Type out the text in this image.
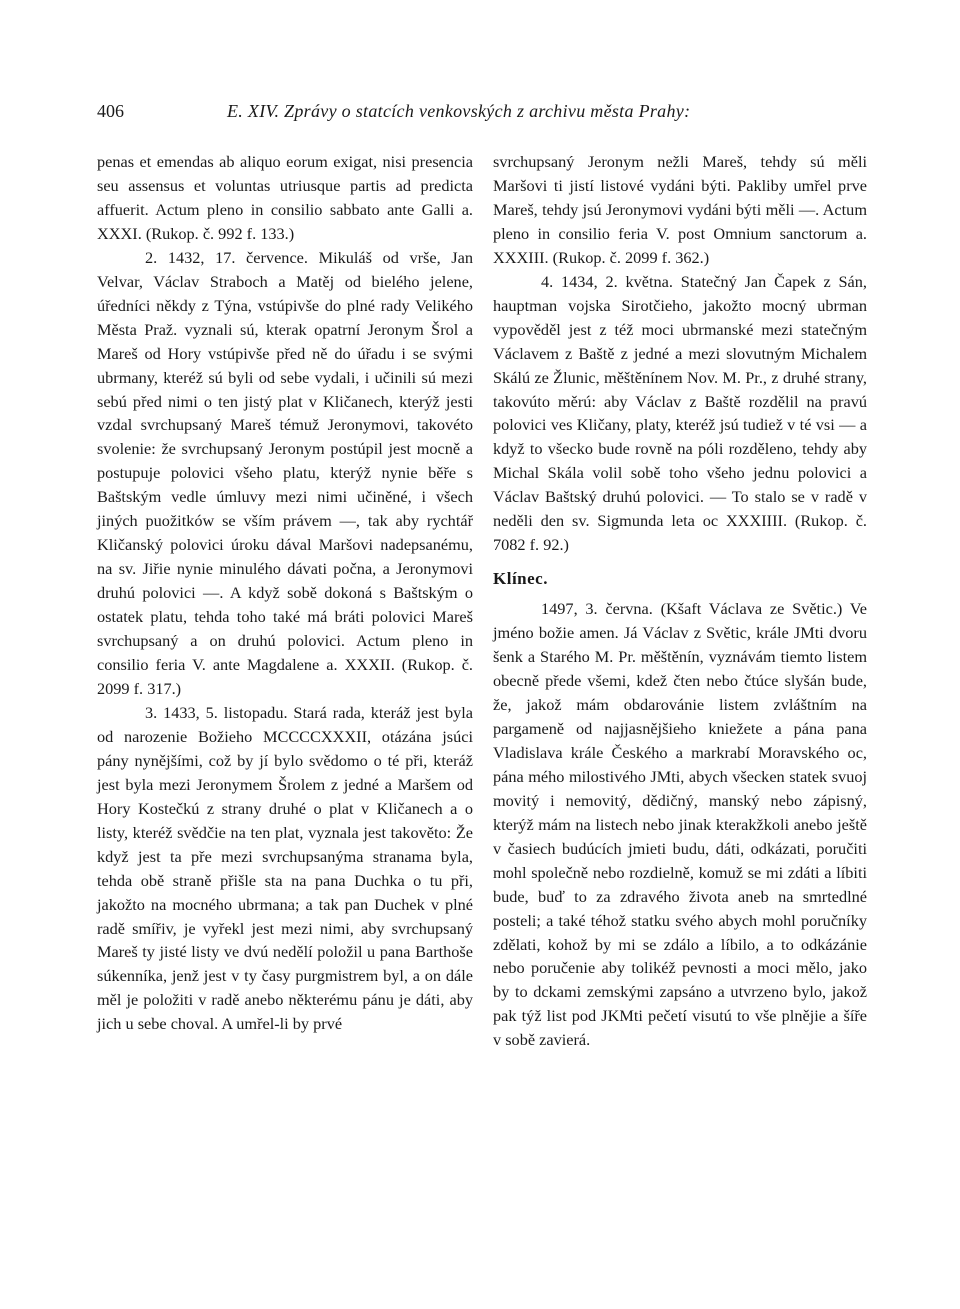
406	E. XIV. Zprávy o statcích venkovských z archivu města Prahy:

penas et emendas ab aliquo eorum exigat, nisi presencia seu assensus et voluntas utriusque partis ad predicta affuerit. Actum pleno in consilio sabbato ante Galli a. XXXI. (Rukop. č. 992 f. 133.)

2. 1432, 17. července. Mikuláš od vrše, Jan Velvar, Václav Straboch a Matěj od bielého jelene, úředníci někdy z Týna, vstúpivše do plné rady Velikého Města Praž. vyznali sú, kterak opatrní Jeronym Šrol a Mareš od Hory vstúpivše před ně do úřadu i se svými ubrmany, kteréž sú byli od sebe vydali, i učinili sú mezi sebú před nimi o ten jistý plat v Kličanech, kterýž jesti vzdal svrchupsaný Mareš témuž Jeronymovi, takovéto svolenie: že svrchupsaný Jeronym postúpil jest mocně a postupuje polovici všeho platu, kterýž nynie běře s Baštským vedle úmluvy mezi nimi učiněné, i všech jiných puožitków se vším právem —, tak aby rychtář Kličanský polovici úroku dával Maršovi nadepsanému, na sv. Jiřie nynie minulého dávati počna, a Jeronymovi druhú polovici —. A když sobě dokoná s Baštským o ostatek platu, tehda toho také má bráti polovici Mareš svrchupsaný a on druhú polovici. Actum pleno in consilio feria V. ante Magdalene a. XXXII. (Rukop. č. 2099 f. 317.)

3. 1433, 5. listopadu. Stará rada, kteráž jest byla od narozenie Božieho MCCCCXXXII, otázána jsúci pány nynějšími, což by jí bylo svědomo o té při, kteráž jest byla mezi Jeronymem Šrolem z jedné a Maršem od Hory Kostečkú z strany druhé o plat v Kličanech a o listy, kteréž svědčie na ten plat, vyznala jest takověto: Že když jest ta pře mezi svrchupsanýma stranama byla, tehda obě straně přišle sta na pana Duchka o tu při, jakožto na mocného ubrmana; a tak pan Duchek v plné radě smířiv, je vyřekl jest mezi nimi, aby svrchupsaný Mareš ty jisté listy ve dvú nedělí položil u pana Barthoše súkenníka, jenž jest v ty časy purgmistrem byl, a on dále měl je položiti v radě anebo některému pánu je dáti, aby jich u sebe choval. A umřel-li by prvé

svrchupsaný Jeronym nežli Mareš, tehdy sú měli Maršovi ti jistí listové vydáni býti. Pakliby umřel prve Mareš, tehdy jsú Jeronymovi vydáni býti měli —. Actum pleno in consilio feria V. post Omnium sanctorum a. XXXIII. (Rukop. č. 2099 f. 362.)

4. 1434, 2. května. Statečný Jan Čapek z Sán, hauptman vojska Sirotčieho, jakožto mocný ubrman vypověděl jest z též moci ubrmanské mezi statečným Václavem z Baště z jedné a mezi slovutným Michalem Skálú ze Žlunic, měštěnínem Nov. M. Pr., z druhé strany, takovúto měrú: aby Václav z Baště rozdělil na pravú polovici ves Kličany, platy, kteréž jsú tudiež v té vsi — a když to všecko bude rovně na póli rozděleno, tehdy aby Michal Skála volil sobě toho všeho jednu polovici a Václav Baštský druhú polovici. — To stalo se v radě v neděli den sv. Sigmunda leta oc XXXIIII. (Rukop. č. 7082 f. 92.)

Klínec.

1497, 3. června. (Kšaft Václava ze Světic.) Ve jméno božie amen. Já Václav z Světic, krále JMti dvoru šenk a Starého M. Pr. měštěnín, vyznávám tiemto listem obecně přede všemi, kdež čten nebo čtúce slyšán bude, že, jakož mám obdarovánie listem zvláštním na pargameně od najjasnějšieho kniežete a pána pana Vladislava krále Českého a markrabí Moravského oc, pána mého milostivého JMti, abych všecken statek svuoj movitý i nemovitý, dědičný, manský nebo zápisný, kterýž mám na listech nebo jinak kterakžkoli anebo ještě v časiech budúcích jmieti budu, dáti, odkázati, poručiti mohl společně nebo rozdielně, komuž se mi zdáti a líbiti bude, buď to za zdravého života aneb na smrtedlné posteli; a také téhož statku svého abych mohl poručníky zdělati, kohož by mi se zdálo a líbilo, a to odkázánie nebo poručenie aby tolikéž pevnosti a moci mělo, jako by to dckami zemskými zapsáno a utvrzeno bylo, jakož pak týž list pod JKMti pečetí visutú to vše plnějie a šíře v sobě zavierá.
